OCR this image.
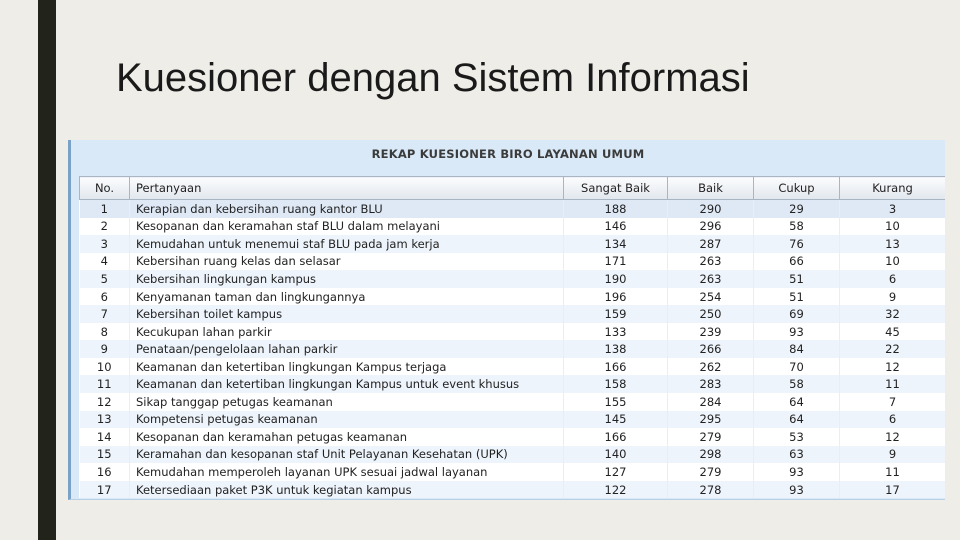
Kuesioner dengan Sistem Informasi
REKAP KUESIONER BIRO LAYANAN UMUM
No.	Pertanyaan	Sangat Baik	Baik	Cukup	Kurang
1	Kerapian dan kebersihan ruang kantor BLU	188	290	29	3
2	Kesopanan dan keramahan staf BLU dalam melayani	146	296	58	10
3	Kemudahan untuk menemui staf BLU pada jam kerja	134	287	76	13
4	Kebersihan ruang kelas dan selasar	171	263	66	10
5	Kebersihan lingkungan kampus	190	263	51	6
6	Kenyamanan taman dan lingkungannya	196	254	51	9
7	Kebersihan toilet kampus	159	250	69	32
8	Kecukupan lahan parkir	133	239	93	45
9	Penataan/pengelolaan lahan parkir	138	266	84	22
10	Keamanan dan ketertiban lingkungan Kampus terjaga	166	262	70	12
11	Keamanan dan ketertiban lingkungan Kampus untuk event khusus	158	283	58	11
12	Sikap tanggap petugas keamanan	155	284	64	7
13	Kompetensi petugas keamanan	145	295	64	6
14	Kesopanan dan keramahan petugas keamanan	166	279	53	12
15	Keramahan dan kesopanan staf Unit Pelayanan Kesehatan (UPK)	140	298	63	9
16	Kemudahan memperoleh layanan UPK sesuai jadwal layanan	127	279	93	11
17	Ketersediaan paket P3K untuk kegiatan kampus	122	278	93	17
